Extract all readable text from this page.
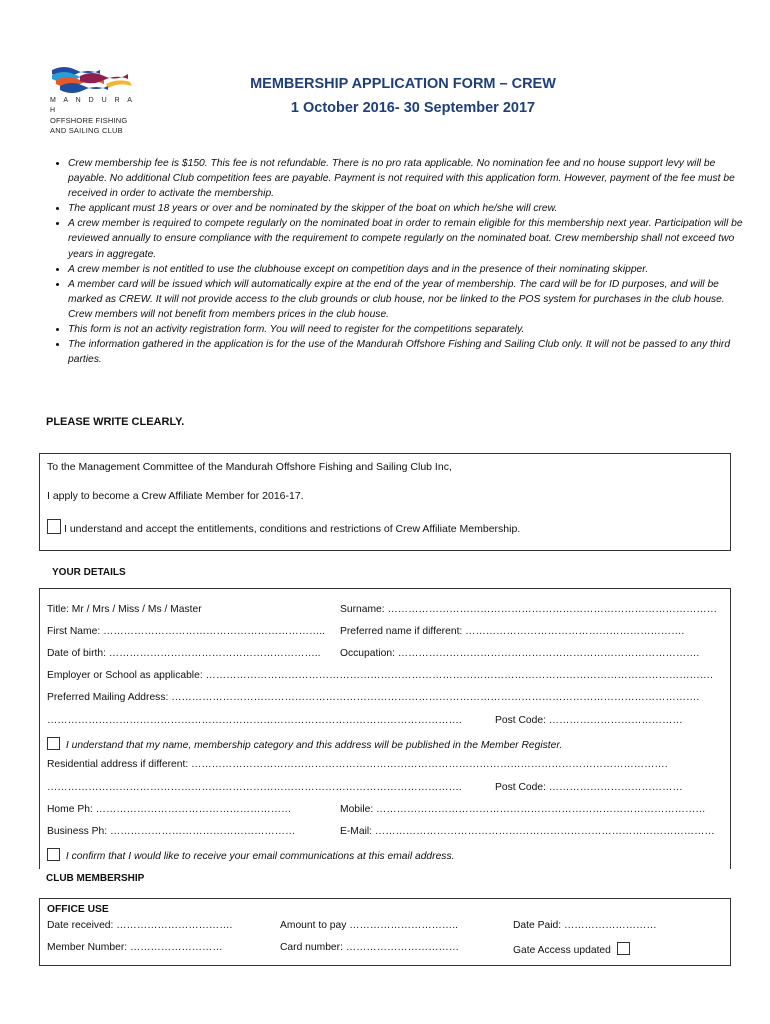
M A N D U R A H
OFFSHORE FISHING
AND SAILING CLUB
MEMBERSHIP APPLICATION FORM – CREW
1 October 2016- 30 September 2017
• Crew membership fee is $150. This fee is not refundable. There is no pro rata applicable. No nomination fee and no house support levy will be payable. No additional Club competition fees are payable. Payment is not required with this application form. However, payment of the fee must be received in order to activate the membership.
• The applicant must 18 years or over and be nominated by the skipper of the boat on which he/she will crew.
• A crew member is required to compete regularly on the nominated boat in order to remain eligible for this membership next year. Participation will be reviewed annually to ensure compliance with the requirement to compete regularly on the nominated boat. Crew membership shall not exceed two years in aggregate.
• A crew member is not entitled to use the clubhouse except on competition days and in the presence of their nominating skipper.
• A member card will be issued which will automatically expire at the end of the year of membership. The card will be for ID purposes, and will be marked as CREW. It will not provide access to the club grounds or club house, nor be linked to the POS system for purchases in the club house. Crew members will not benefit from members prices in the club house.
• This form is not an activity registration form. You will need to register for the competitions separately.
• The information gathered in the application is for the use of the Mandurah Offshore Fishing and Sailing Club only. It will not be passed to any third parties.
PLEASE WRITE CLEARLY.
To the Management Committee of the Mandurah Offshore Fishing and Sailing Club Inc,
I apply to become a Crew Affiliate Member for 2016-17.
I understand and accept the entitlements, conditions and restrictions of Crew Affiliate Membership.
YOUR DETAILS
Title: Mr / Mrs / Miss / Ms / Master	Surname: ……………………………………………………………………………………
First Name: ……………………………………………………….. Preferred name if different: ……………………………………………………….
Date of birth: …………………………………………………….. Occupation: …………………………………………………………………………….
Employer or School as applicable: ………………………………………………………………………………………………………………………………….
Preferred Mailing Address: ……………………………………………………………………………………………………………………………………….
………………………………………………………………………………………………………….	Post Code: …………………………………
I understand that my name, membership category and this address will be published in the Member Register.
Residential address if different: ………………………………………………………………………………………………………………………….
………………………………………………………………………………………………………….	Post Code: …………………………………
Home Ph: …………………………………………………	Mobile: ……………………………………………………………………………………
Business Ph: ………………………………………………	E-Mail: ………………………………………………………………………………………
I confirm that I would like to receive your email communications at this email address.
CLUB MEMBERSHIP
OFFICE USE
Date received: …………………………….	Amount to pay …………………………..	Date Paid: ………………………
Member Number: ………………………	Card number: ……………………………	Gate Access updated
